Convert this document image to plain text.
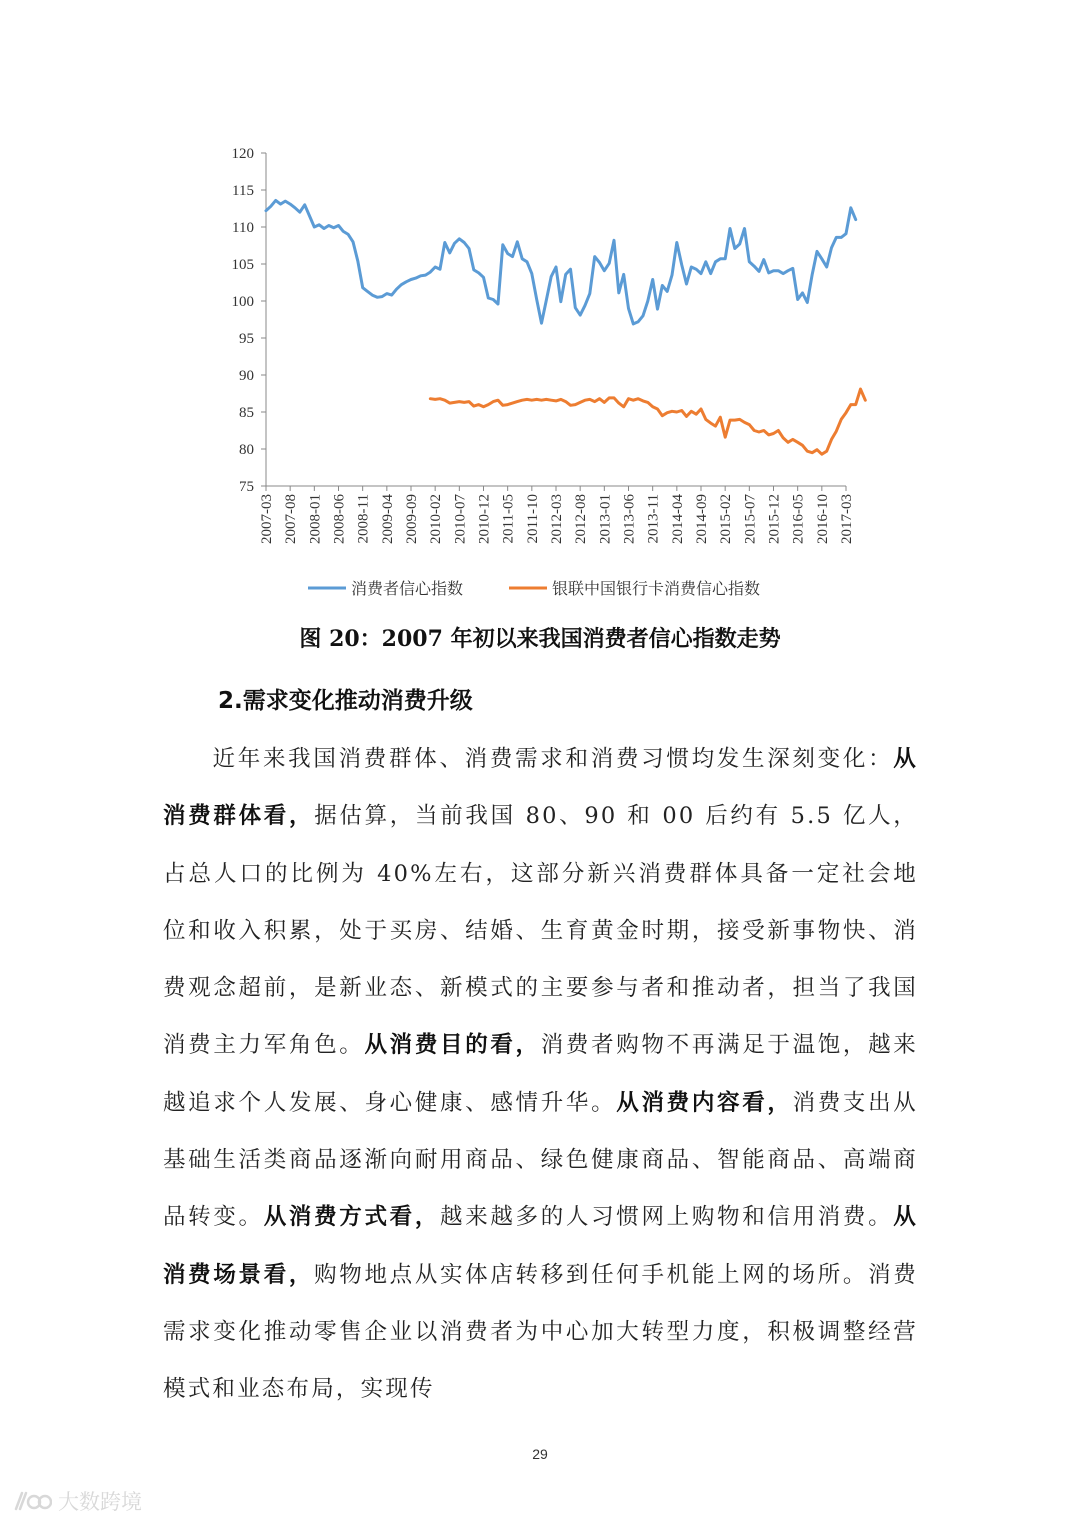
75
80
85
90
95
100
105
110
115
120
2007-03 2007-08 2008-01 2008-06 2008-11 2009-04 2009-09 2010-02 2010-07 2010-12 2011-05 2011-10 2012-03 2012-08 2013-01 2013-06 2013-11 2014-04 2014-09 2015-02 2015-07 2015-12 2016-05 2016-10 2017-03
消费者信心指数	银联中国银行卡消费信心指数
图 20：2007 年初以来我国消费者信心指数走势
2.需求变化推动消费升级
近年来我国消费群体、消费需求和消费习惯均发生深刻变化：从消费群体看，据估算，当前我国 80、90 和 00 后约有 5.5 亿人，占总人口的比例为 40%左右，这部分新兴消费群体具备一定社会地位和收入积累，处于买房、结婚、生育黄金时期，接受新事物快、消费观念超前，是新业态、新模式的主要参与者和推动者，担当了我国消费主力军角色。从消费目的看，消费者购物不再满足于温饱，越来越追求个人发展、身心健康、感情升华。从消费内容看，消费支出从基础生活类商品逐渐向耐用商品、绿色健康商品、智能商品、高端商品转变。从消费方式看，越来越多的人习惯网上购物和信用消费。从消费场景看，购物地点从实体店转移到任何手机能上网的场所。消费需求变化推动零售企业以消费者为中心加大转型力度，积极调整经营模式和业态布局，实现传
29
大数跨境
